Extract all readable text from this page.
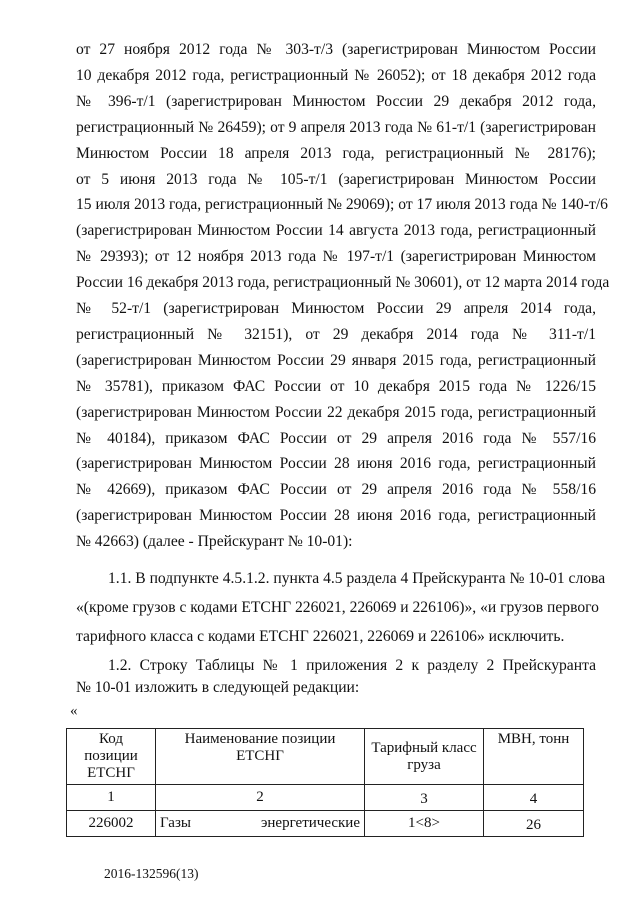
от 27 ноября 2012 года № 303-т/3 (зарегистрирован Минюстом России
10 декабря 2012 года, регистрационный № 26052); от 18 декабря 2012 года
№ 396-т/1 (зарегистрирован Минюстом России 29 декабря 2012 года,
регистрационный № 26459); от 9 апреля 2013 года № 61-т/1 (зарегистрирован
Минюстом России 18 апреля 2013 года, регистрационный № 28176);
от 5 июня 2013 года № 105-т/1 (зарегистрирован Минюстом России
15 июля 2013 года, регистрационный № 29069); от 17 июля 2013 года № 140-т/6
(зарегистрирован Минюстом России 14 августа 2013 года, регистрационный
№ 29393); от 12 ноября 2013 года № 197-т/1 (зарегистрирован Минюстом
России 16 декабря 2013 года, регистрационный № 30601), от 12 марта 2014 года
№ 52-т/1 (зарегистрирован Минюстом России 29 апреля 2014 года,
регистрационный № 32151), от 29 декабря 2014 года № 311-т/1
(зарегистрирован Минюстом России 29 января 2015 года, регистрационный
№ 35781), приказом ФАС России от 10 декабря 2015 года № 1226/15
(зарегистрирован Минюстом России 22 декабря 2015 года, регистрационный
№ 40184), приказом ФАС России от 29 апреля 2016 года № 557/16
(зарегистрирован Минюстом России 28 июня 2016 года, регистрационный
№ 42669), приказом ФАС России от 29 апреля 2016 года № 558/16
(зарегистрирован Минюстом России 28 июня 2016 года, регистрационный
№ 42663) (далее - Прейскурант № 10-01):
1.1. В подпункте 4.5.1.2. пункта 4.5 раздела 4 Прейскуранта № 10-01 слова
«(кроме грузов с кодами ЕТСНГ 226021, 226069 и 226106)», «и грузов первого
тарифного класса с кодами ЕТСНГ 226021, 226069 и 226106» исключить.
1.2. Строку Таблицы № 1 приложения 2 к разделу 2 Прейскуранта
№ 10-01 изложить в следующей редакции:
«
Код позиции ЕТСНГ	Наименование позиции ЕТСНГ	Тарифный класс груза	МВН, тонн
1	2	3	4
226002	Газы энергетические	1<8>	26
2016-132596(13)
